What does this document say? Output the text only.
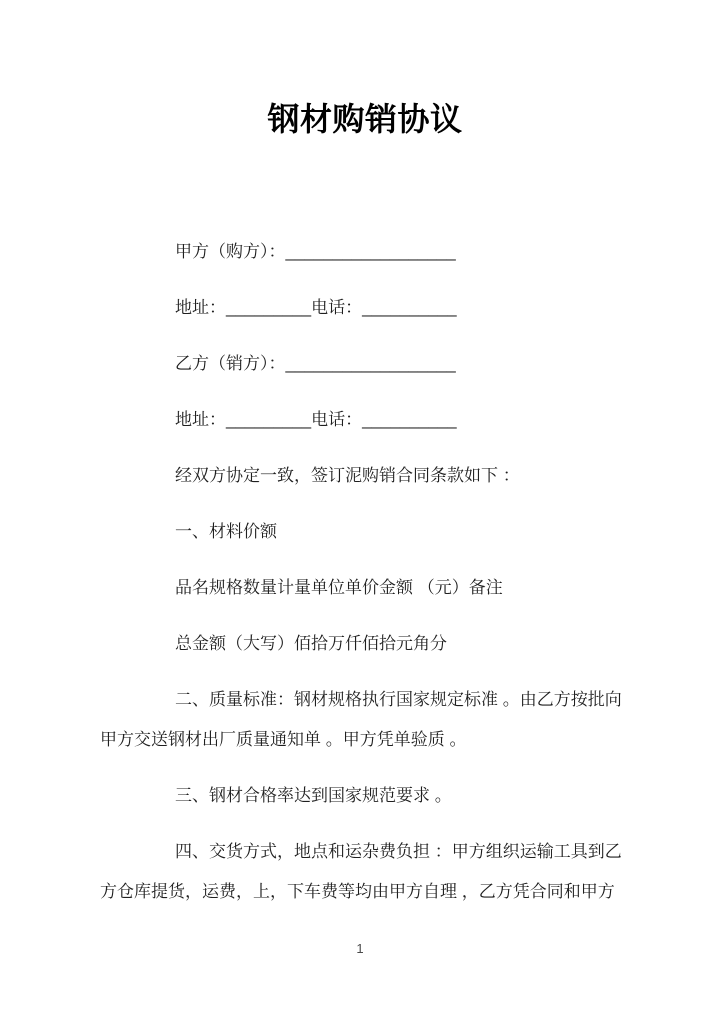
钢材购销协议
甲方（购方）：__________________
地址：_________电话：__________
乙方（销方）：__________________
地址：_________电话：__________
经双方协定一致，签订泥购销合同条款如下 ：
一、材料价额
品名规格数量计量单位单价金额 （元）备注
总金额（大写）佰拾万仟佰拾元角分
二、质量标准：钢材规格执行国家规定标准 。由乙方按批向
甲方交送钢材出厂质量通知单 。甲方凭单验质 。
三、钢材合格率达到国家规范要求 。
四、交货方式，地点和运杂费负担 ：甲方组织运输工具到乙
方仓库提货，运费，上，下车费等均由甲方自理 ，乙方凭合同和甲方
1
